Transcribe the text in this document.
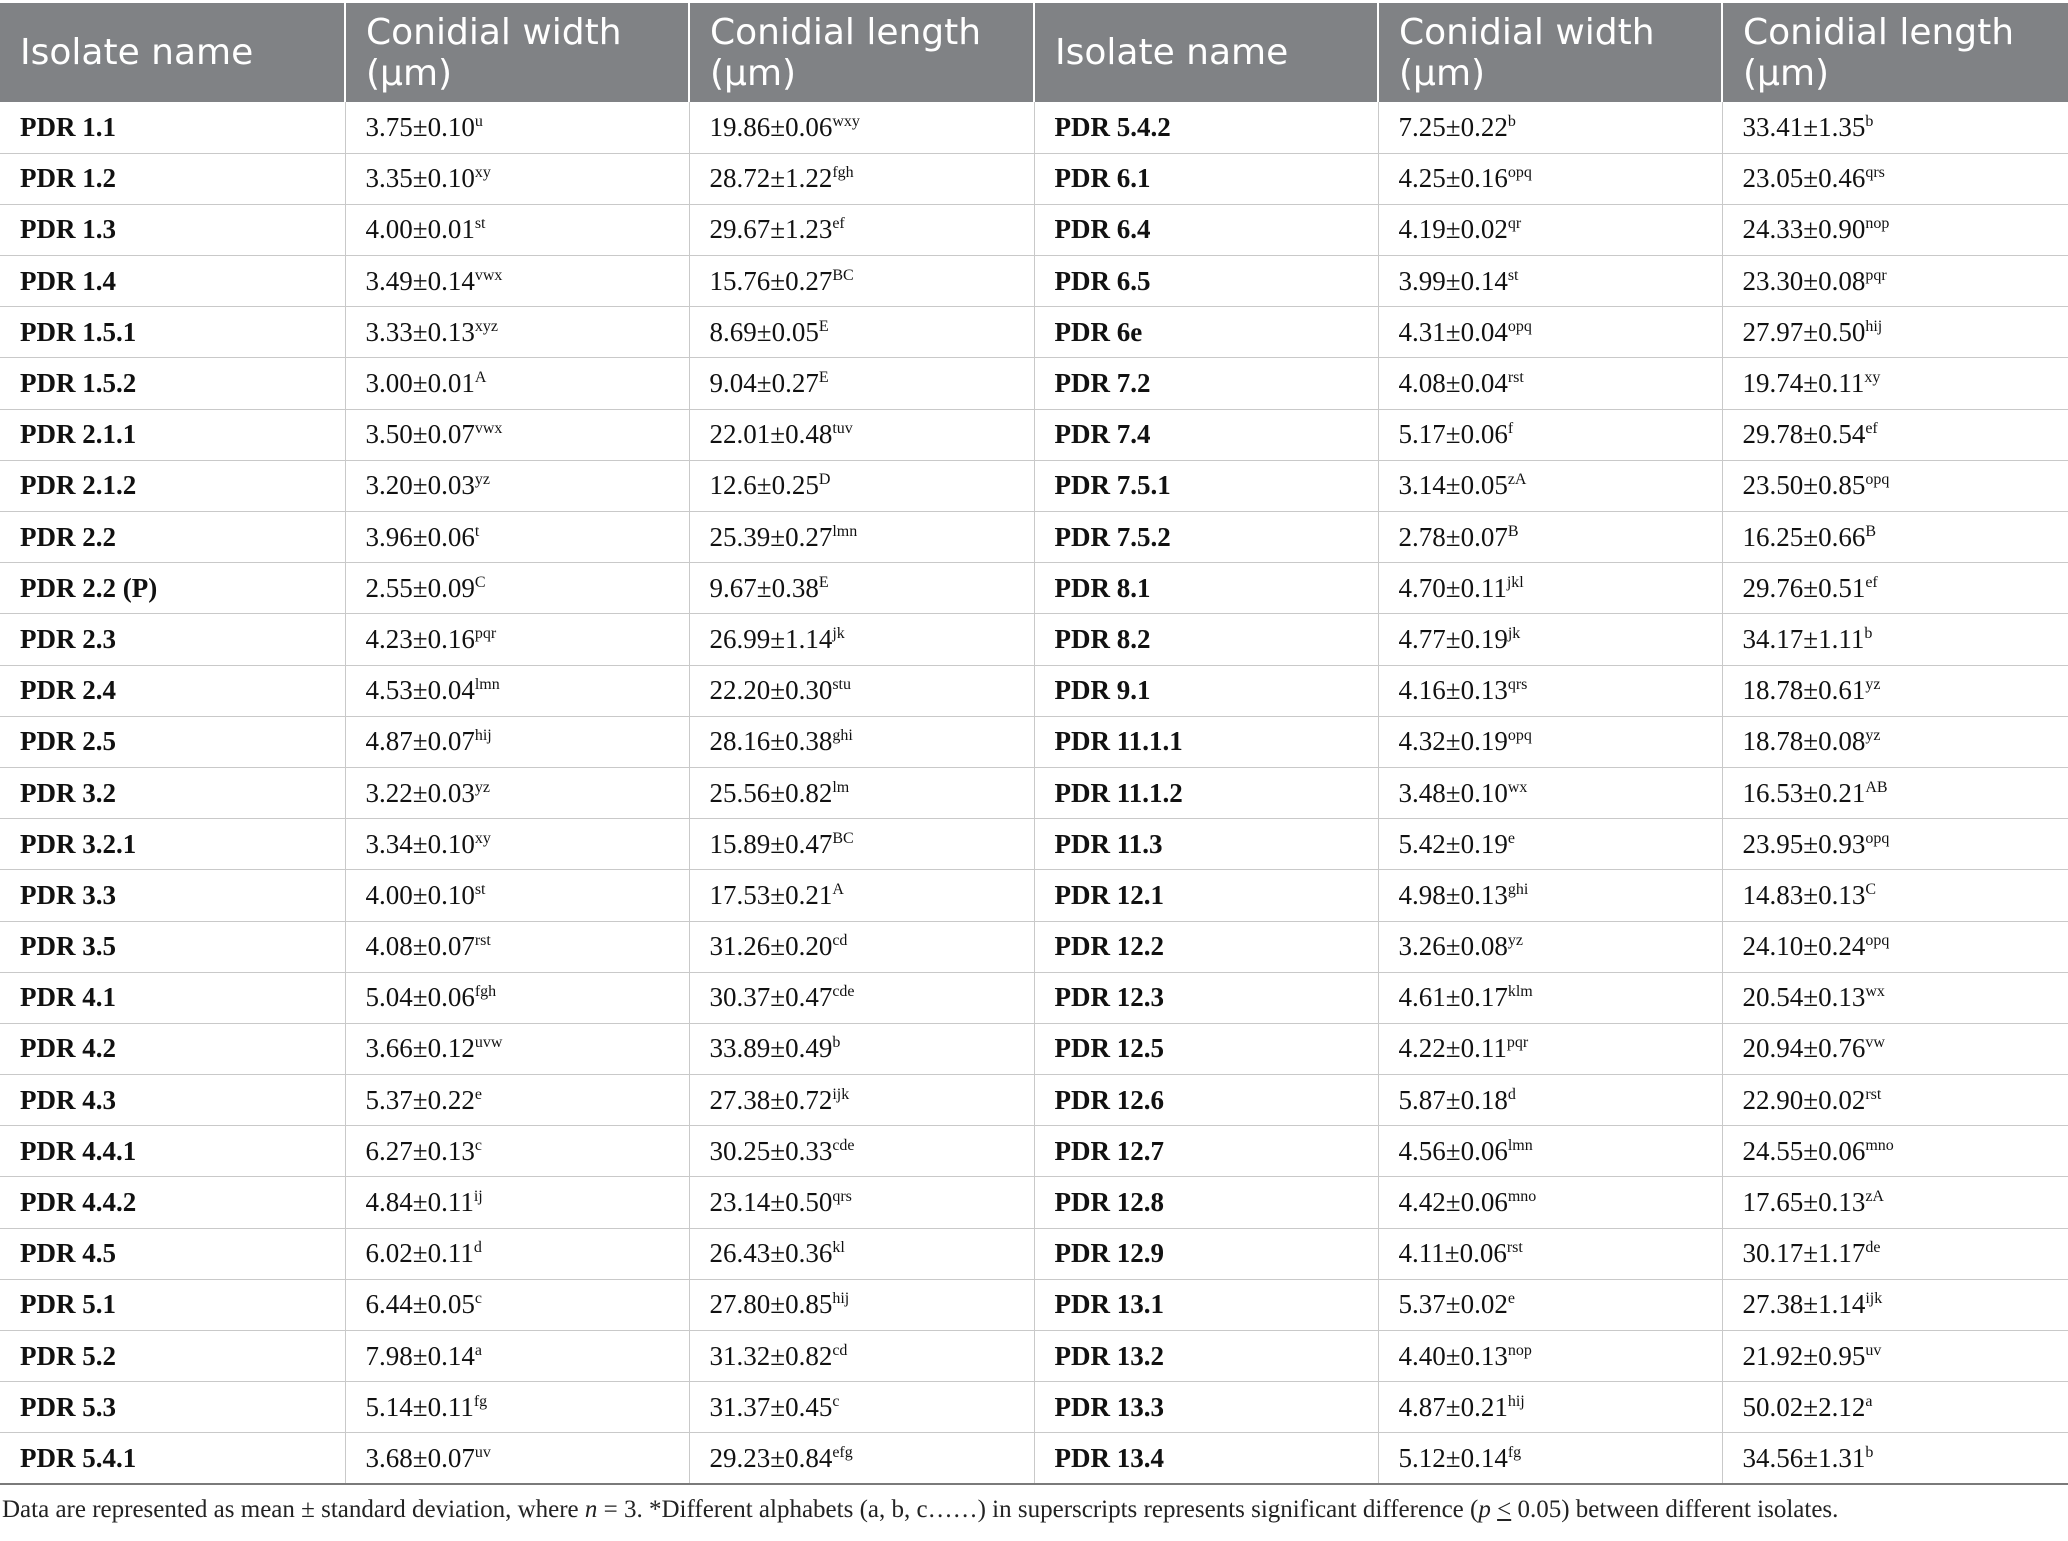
Isolate name	Conidial width (μm)	Conidial length (μm)	Isolate name	Conidial width (μm)	Conidial length (μm)
PDR 1.1	$3.75\pm 0.10^u$	$19.86\pm 0.06^{wxy}$	PDR 5.4.2	7.25±0.22$^b$	33.41±1.35$^b$
PDR 1.2	$3.35\pm 0.10^{xy}$	28.72±1.22$^{fgh}$	PDR 6.1	$4.25\pm 0.16^{opq}$	$23.05\pm 0.46^{qrs}$
PDR 1.3	4.00±0.01st	29.67±1.23$^{ef}$	PDR 6.4	$4.19\pm 0.02^{qr}$	$24.33\pm 0.90^{nop}$
PDR 1.4	$3.49\pm 0.14^{vwx}$	$15.76\pm 0.27^{BC}$	PDR 6.5	3.99±0.14st	$23.30\pm 0.08^{pqr}$
PDR 1.5.1	$3.33\pm 0.13^{xyz}$	$8.69\pm 0.05^E$	PDR 6e	$4.31\pm 0.04^{opq}$	$27.97\pm 0.50^{hij}$
PDR 1.5.2	$3.00\pm 0.01^A$	$9.04\pm 0.27^E$	PDR 7.2	$4.08\pm 0.04^{rst}$	$19.74\pm 0.11^{xy}$
PDR 2.1.1	$3.50\pm 0.07^{vwx}$	$22.01\pm 0.48^{tuv}$	PDR 7.4	5.17±0.06$^f$	29.78±0.54$^{ef}$
PDR 2.1.2	$3.20\pm 0.03^{yz}$	$12.6\pm 0.25^D$	PDR 7.5.1	$3.14\pm 0.05^{zA}$	$23.50\pm 0.85^{opq}$
PDR 2.2	$3.96\pm 0.06^t$	$25.39\pm 0.27^{lmn}$	PDR 7.5.2	$2.78\pm 0.07^B$	$16.25\pm 0.66^B$
PDR 2.2 (P)	$2.55\pm 0.09^C$	$9.67\pm 0.38^E$	PDR 8.1	$4.70\pm 0.11^{jkl}$	29.76±0.51$^{ef}$
PDR 2.3	$4.23\pm 0.16^{pqr}$	$26.99\pm 1.14^{jk}$	PDR 8.2	$4.77\pm 0.19^{jk}$	34.17±1.11$^b$
PDR 2.4	$4.53\pm 0.04^{lmn}$	$22.20\pm 0.30^{stu}$	PDR 9.1	$4.16\pm 0.13^{qrs}$	$18.78\pm 0.61^{yz}$
PDR 2.5	$4.87\pm 0.07^{hij}$	$28.16\pm 0.38^{ghi}$	PDR 11.1.1	$4.32\pm 0.19^{opq}$	$18.78\pm 0.08^{yz}$
PDR 3.2	$3.22\pm 0.03^{yz}$	$25.56\pm 0.82^{lm}$	PDR 11.1.2	$3.48\pm 0.10^{wx}$	$16.53\pm 0.21^{AB}$
PDR 3.2.1	$3.34\pm 0.10^{xy}$	$15.89\pm 0.47^{BC}$	PDR 11.3	5.42±0.19$^e$	$23.95\pm 0.93^{opq}$
PDR 3.3	4.00±0.10st	$17.53\pm 0.21^A$	PDR 12.1	$4.98\pm 0.13^{ghi}$	$14.83\pm 0.13^C$
PDR 3.5	$4.08\pm 0.07^{rst}$	31.26±0.20$^{cd}$	PDR 12.2	$3.26\pm 0.08^{yz}$	$24.10\pm 0.24^{opq}$
PDR 4.1	5.04±0.06$^{fgh}$	30.37±0.47$^{cde}$	PDR 12.3	$4.61\pm 0.17^{klm}$	$20.54\pm 0.13^{wx}$
PDR 4.2	$3.66\pm 0.12^{uvw}$	33.89±0.49$^b$	PDR 12.5	$4.22\pm 0.11^{pqr}$	$20.94\pm 0.76^{vw}$
PDR 4.3	5.37±0.22$^e$	$27.38\pm 0.72^{ijk}$	PDR 12.6	5.87±0.18$^d$	$22.90\pm 0.02^{rst}$
PDR 4.4.1	6.27±0.13$^c$	30.25±0.33$^{cde}$	PDR 12.7	$4.56\pm 0.06^{lmn}$	$24.55\pm 0.06^{mno}$
PDR 4.4.2	$4.84\pm 0.11^{ij}$	$23.14\pm 0.50^{qrs}$	PDR 12.8	$4.42\pm 0.06^{mno}$	$17.65\pm 0.13^{zA}$
PDR 4.5	6.02±0.11$^d$	$26.43\pm 0.36^{kl}$	PDR 12.9	$4.11\pm 0.06^{rst}$	30.17±1.17de
PDR 5.1	6.44±0.05$^c$	$27.80\pm 0.85^{hij}$	PDR 13.1	5.37±0.02$^e$	$27.38\pm 1.14^{ijk}$
PDR 5.2	7.98±0.14$^a$	31.32±0.82$^{cd}$	PDR 13.2	$4.40\pm 0.13^{nop}$	$21.92\pm 0.95^{uv}$
PDR 5.3	5.14±0.11$^{fg}$	31.37±0.45$^c$	PDR 13.3	$4.87\pm 0.21^{hij}$	50.02±2.12$^a$
PDR 5.4.1	$3.68\pm 0.07^{uv}$	29.23±0.84$^{efg}$	PDR 13.4	5.12±0.14$^{fg}$	34.56±1.31$^b$
Data are represented as mean ± standard deviation, where n = 3. *Different alphabets (a, b, c……) in superscripts represents significant difference (p < 0.05) between different isolates.
